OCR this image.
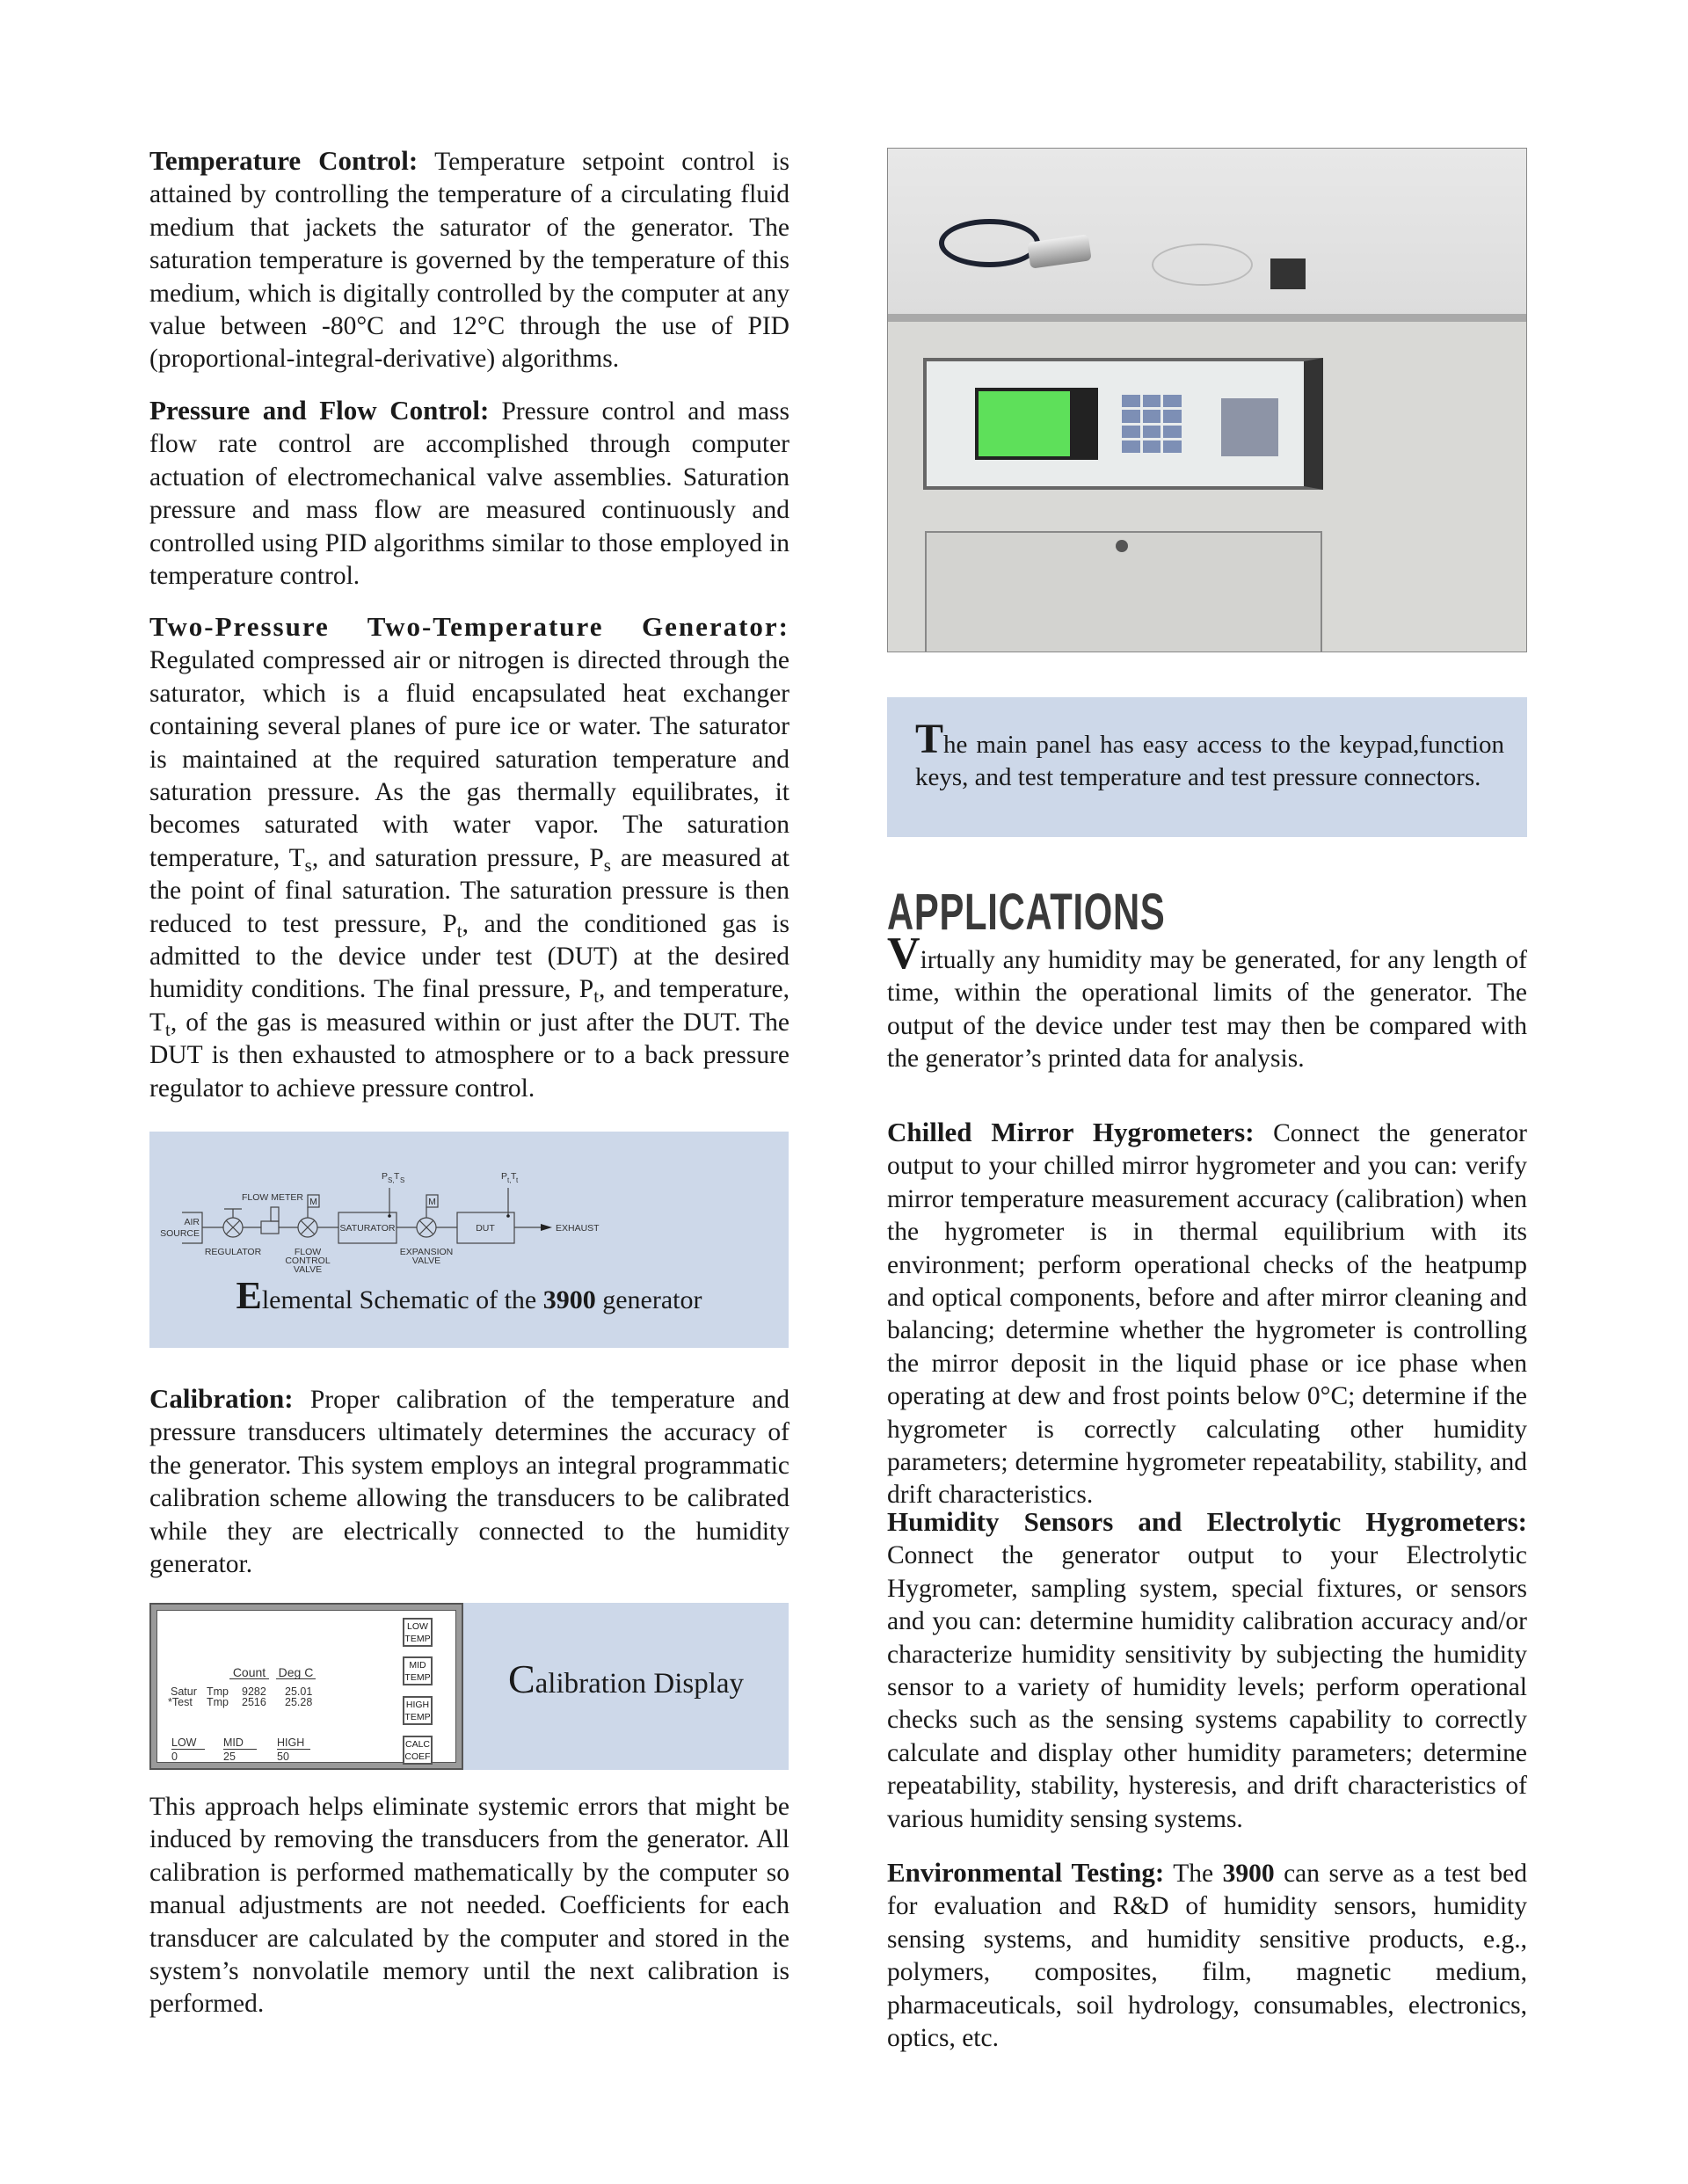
Temperature Control: Temperature setpoint control is attained by controlling the temperature of a circulating fluid medium that jackets the saturator of the generator. The saturation temperature is governed by the temperature of this medium, which is digitally controlled by the computer at any value between -80°C and 12°C through the use of PID (proportional-integral-derivative) algorithms.

Pressure and Flow Control: Pressure control and mass flow rate control are accomplished through computer actuation of electromechanical valve assemblies. Saturation pressure and mass flow are measured continuously and controlled using PID algorithms similar to those employed in temperature control.

Two-Pressure Two-Temperature Generator: Regulated compressed air or nitrogen is directed through the saturator, which is a fluid encapsulated heat exchanger containing several planes of pure ice or water. The saturator is maintained at the required saturation temperature and saturation pressure. As the gas thermally equilibrates, it becomes saturated with water vapor. The saturation temperature, $T_s$, and saturation pressure, $P_s$ are measured at the point of final saturation. The saturation pressure is then reduced to test pressure, $P_t$, and the conditioned gas is admitted to the device under test (DUT) at the desired humidity conditions. The final pressure, $P_t$, and temperature, $T_t$, of the gas is measured within or just after the DUT. The DUT is then exhausted to atmosphere or to a back pressure regulator to achieve pressure control.

AIR
SOURCE
REGULATOR
FLOW METER M
FLOW
CONTROL
VALVE
SATURATOR
P S, T S
M
EXPANSION
VALVE
DUT
P t, T t
EXHAUST
Elemental Schematic of the 3900 generator

Calibration: Proper calibration of the temperature and pressure transducers ultimately determines the accuracy of the generator. This system employs an integral programmatic calibration scheme allowing the transducers to be calibrated while they are electrically connected to the humidity generator.

LOW
TEMP
MID
TEMP
HIGH
TEMP
CALC
COEF
Count Deg C
Satur Tmp 9282 25.01
*Test Tmp 2516 25.28
LOW
0
MID
25
HIGH
50
Calibration Display

This approach helps eliminate systemic errors that might be induced by removing the transducers from the generator. All calibration is performed mathematically by the computer so manual adjustments are not needed. Coefficients for each transducer are calculated by the computer and stored in the system’s nonvolatile memory until the next calibration is performed.

The main panel has easy access to the keypad,function keys, and test temperature and test pressure connectors.

APPLICATIONS

Virtually any humidity may be generated, for any length of time, within the operational limits of the generator. The output of the device under test may then be compared with the generator’s printed data for analysis.

Chilled Mirror Hygrometers: Connect the generator output to your chilled mirror hygrometer and you can: verify mirror temperature measurement accuracy (calibration) when the hygrometer is in thermal equilibrium with its environment; perform operational checks of the heatpump and optical components, before and after mirror cleaning and balancing; determine whether the hygrometer is controlling the mirror deposit in the liquid phase or ice phase when operating at dew and frost points below 0°C; determine if the hygrometer is correctly calculating other humidity parameters; determine hygrometer repeatability, stability, and drift characteristics.

Humidity Sensors and Electrolytic Hygrometers: Connect the generator output to your Electrolytic Hygrometer, sampling system, special fixtures, or sensors and you can: determine humidity calibration accuracy and/or characterize humidity sensitivity by subjecting the humidity sensor to a variety of humidity levels; perform operational checks such as the sensing systems capability to correctly calculate and display other humidity parameters; determine repeatability, stability, hysteresis, and drift characteristics of various humidity sensing systems.

Environmental Testing: The 3900 can serve as a test bed for evaluation and R&D of humidity sensors, humidity sensing systems, and humidity sensitive products, e.g., polymers, composites, film, magnetic medium, pharmaceuticals, soil hydrology, consumables, electronics, optics, etc.
